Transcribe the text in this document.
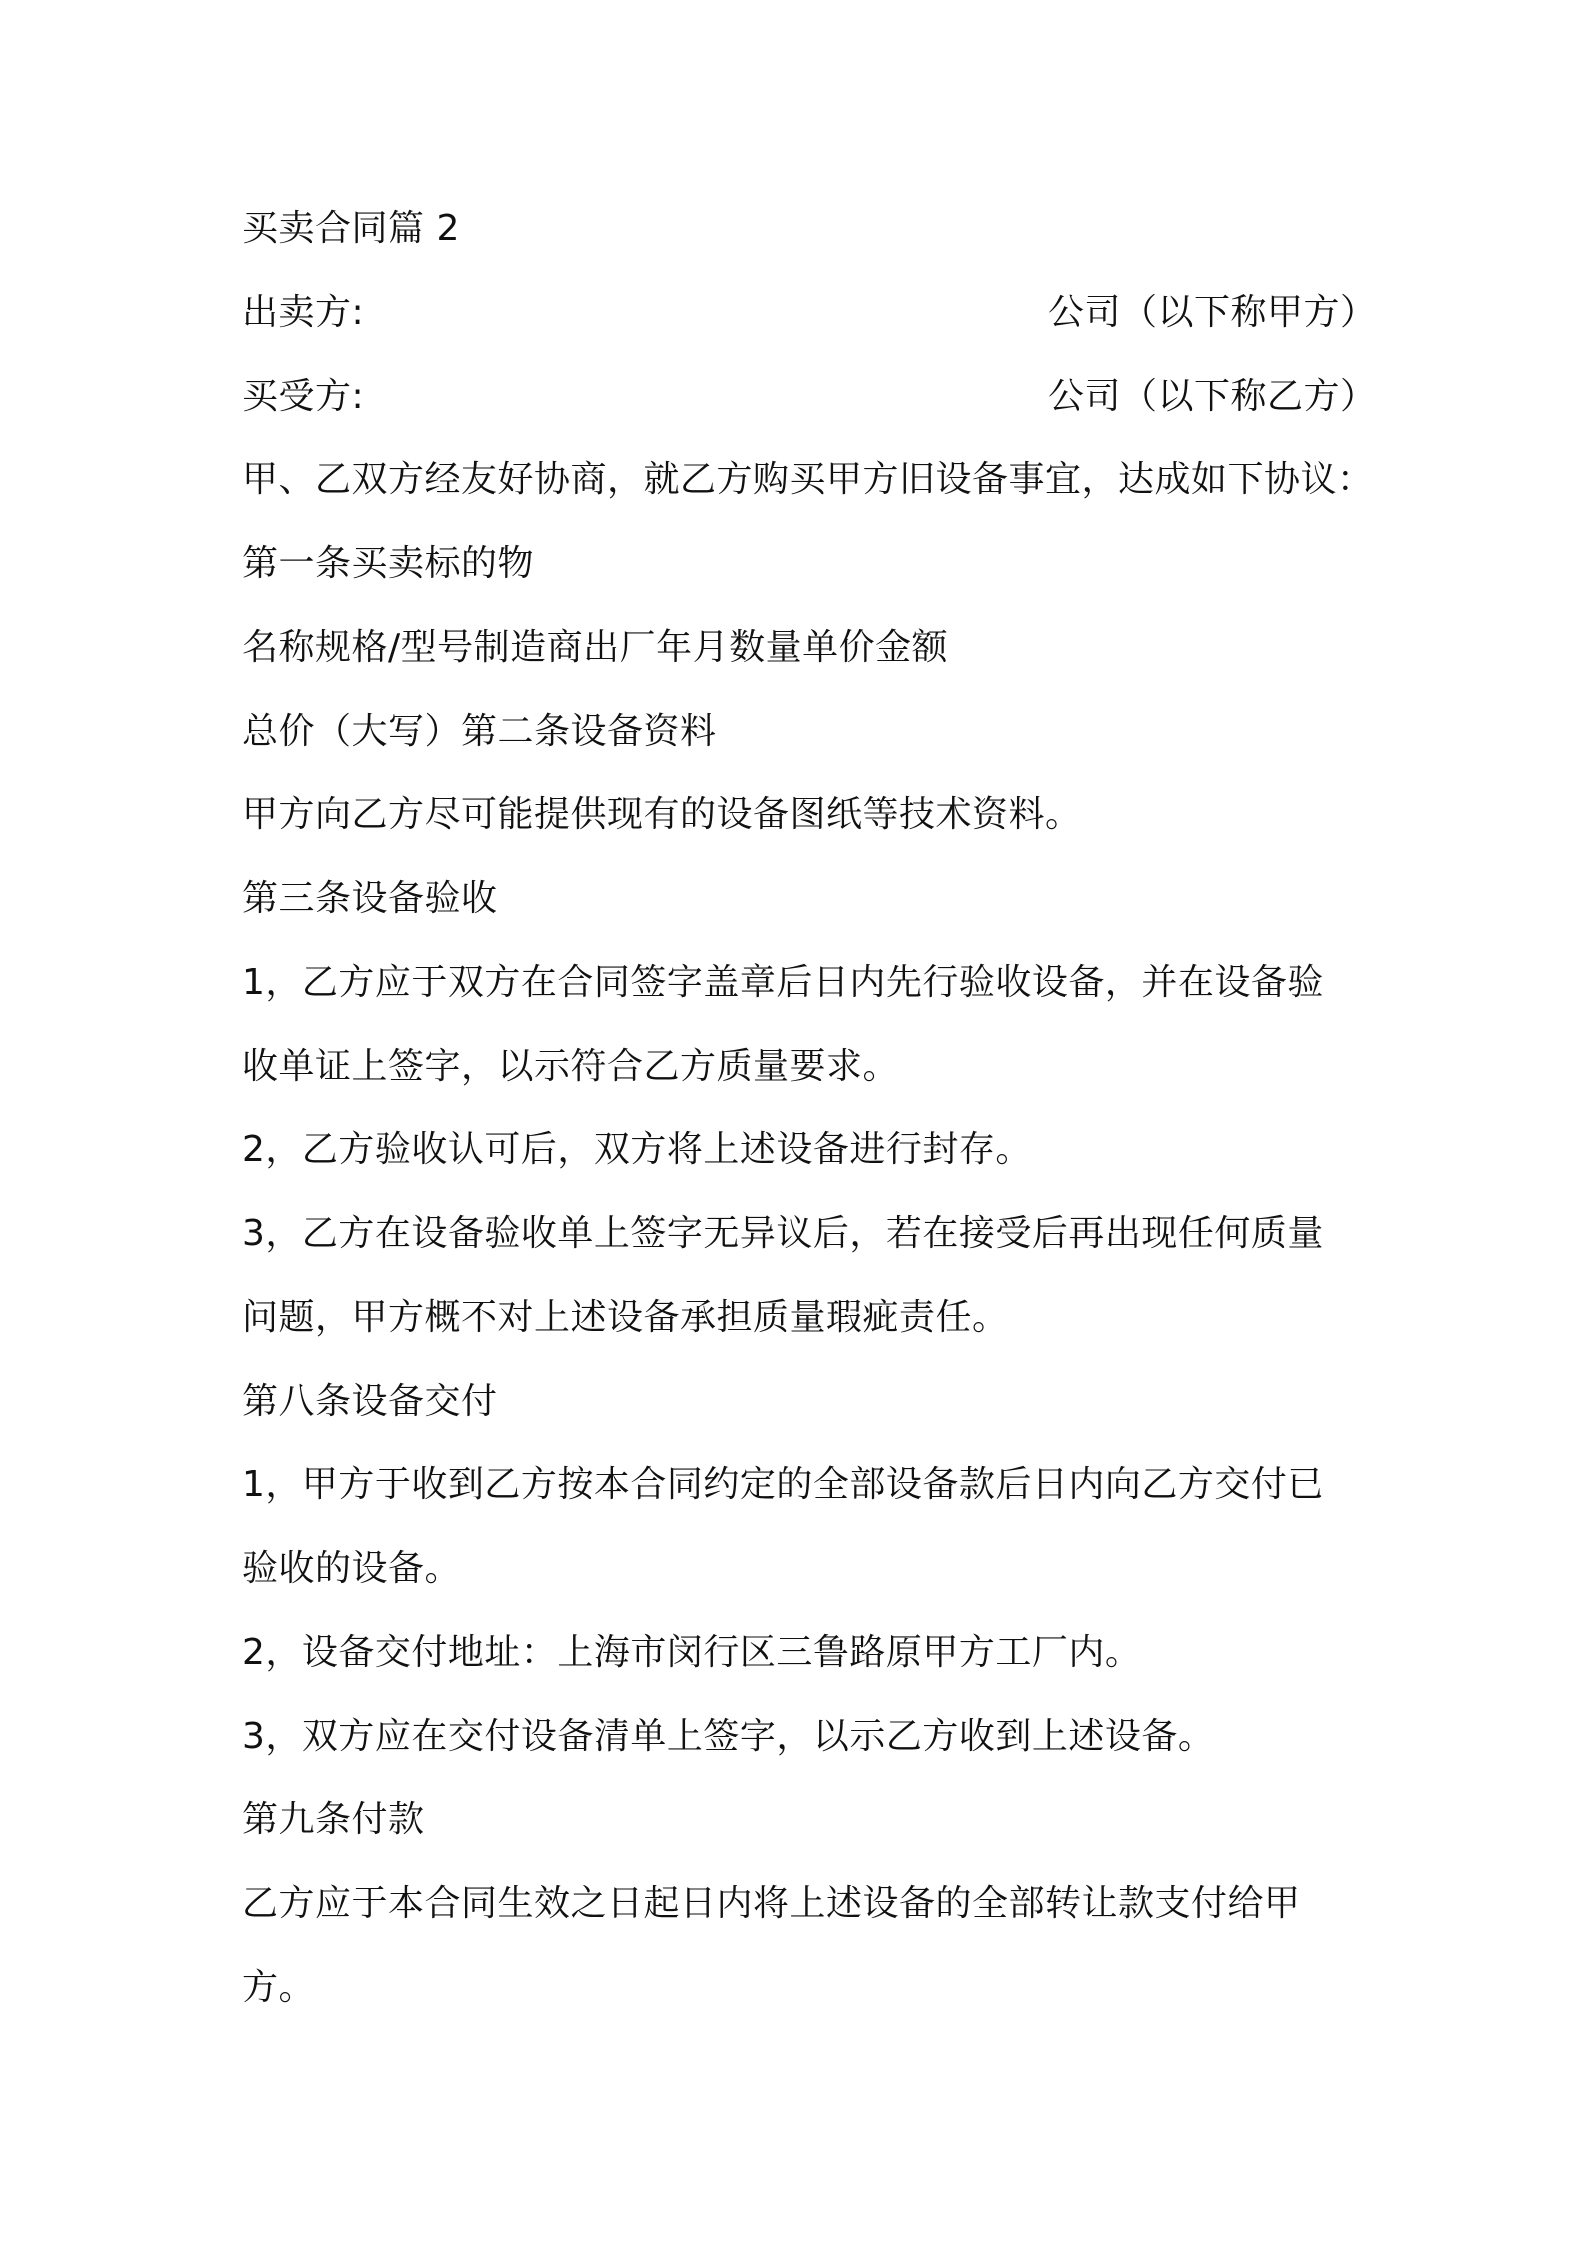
买卖合同篇 2
出卖方:	公司（以下称甲方）
买受方:	公司（以下称乙方）
甲、乙双方经友好协商，就乙方购买甲方旧设备事宜，达成如下协议：
第一条买卖标的物
名称规格/型号制造商出厂年月数量单价金额
总价（大写）第二条设备资料
甲方向乙方尽可能提供现有的设备图纸等技术资料。
第三条设备验收
1，乙方应于双方在合同签字盖章后日内先行验收设备，并在设备验
收单证上签字，以示符合乙方质量要求。
2，乙方验收认可后，双方将上述设备进行封存。
3，乙方在设备验收单上签字无异议后，若在接受后再出现任何质量
问题，甲方概不对上述设备承担质量瑕疵责任。
第八条设备交付
1，甲方于收到乙方按本合同约定的全部设备款后日内向乙方交付已
验收的设备。
2，设备交付地址：上海市闵行区三鲁路原甲方工厂内。
3，双方应在交付设备清单上签字，以示乙方收到上述设备。
第九条付款
乙方应于本合同生效之日起日内将上述设备的全部转让款支付给甲
方。
